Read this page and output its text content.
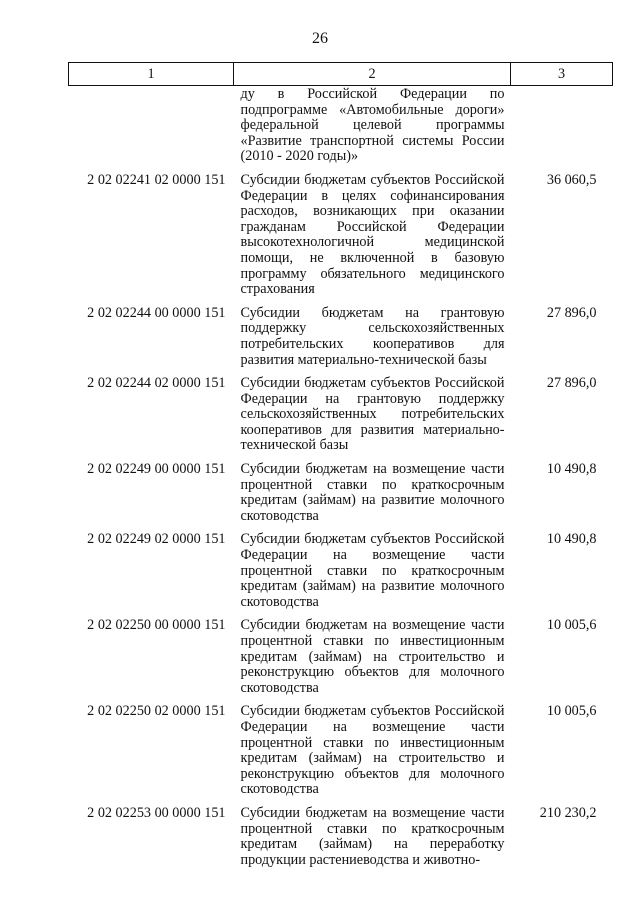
26
1	2	3
	ду в Российской Федерации по подпрограмме «Автомобильные дороги» федеральной целевой программы «Развитие транспортной системы России (2010 - 2020 годы)»	
2 02 02241 02 0000 151	Субсидии бюджетам субъектов Российской Федерации в целях софинансирования расходов, возникающих при оказании гражданам Российской Федерации высокотехнологичной медицинской помощи, не включенной в базовую программу обязательного медицинского страхования	36 060,5
2 02 02244 00 0000 151	Субсидии бюджетам на грантовую поддержку сельскохозяйственных потребительских кооперативов для развития материально-технической базы	27 896,0
2 02 02244 02 0000 151	Субсидии бюджетам субъектов Российской Федерации на грантовую поддержку сельскохозяйственных потребительских кооперативов для развития материально-технической базы	27 896,0
2 02 02249 00 0000 151	Субсидии бюджетам на возмещение части процентной ставки по краткосрочным кредитам (займам) на развитие молочного скотоводства	10 490,8
2 02 02249 02 0000 151	Субсидии бюджетам субъектов Российской Федерации на возмещение части процентной ставки по краткосрочным кредитам (займам) на развитие молочного скотоводства	10 490,8
2 02 02250 00 0000 151	Субсидии бюджетам на возмещение части процентной ставки по инвестиционным кредитам (займам) на строительство и реконструкцию объектов для молочного скотоводства	10 005,6
2 02 02250 02 0000 151	Субсидии бюджетам субъектов Российской Федерации на возмещение части процентной ставки по инвестиционным кредитам (займам) на строительство и реконструкцию объектов для молочного скотоводства	10 005,6
2 02 02253 00 0000 151	Субсидии бюджетам на возмещение части процентной ставки по краткосрочным кредитам (займам) на переработку продукции растениеводства и животно-	210 230,2
